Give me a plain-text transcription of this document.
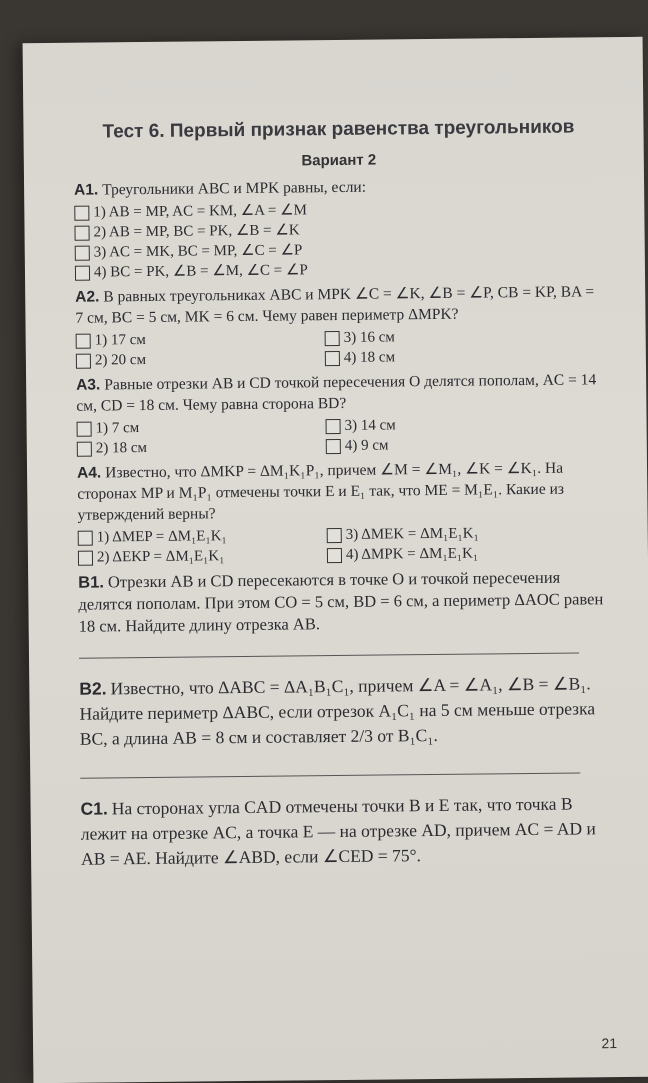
Тест 6. Первый признак равенства треугольников
Вариант 2
А1. Треугольники ABC и MPK равны, если:
1) AB = MP, AC = KM, ∠A = ∠M
2) AB = MP, BC = PK, ∠B = ∠K
3) AC = MK, BC = MP, ∠C = ∠P
4) BC = PK, ∠B = ∠M, ∠C = ∠P
А2. В равных треугольниках ABC и MPK ∠C = ∠K, ∠B = ∠P, CB = KP, BA = 7 см, BC = 5 см, MK = 6 см. Чему равен периметр ΔMPK?
1) 17 см	3) 16 см
2) 20 см	4) 18 см
А3. Равные отрезки AB и CD точкой пересечения O делятся пополам, AC = 14 см, CD = 18 см. Чему равна сторона BD?
1) 7 см	3) 14 см
2) 18 см	4) 9 см
А4. Известно, что ΔMKP = ΔM₁K₁P₁, причем ∠M = ∠M₁, ∠K = ∠K₁. На сторонах MP и M₁P₁ отмечены точки E и E₁ так, что ME = M₁E₁. Какие из утверждений верны?
1) ΔMEP = ΔM₁E₁K₁	3) ΔMEK = ΔM₁E₁K₁
2) ΔEKP = ΔM₁E₁K₁	4) ΔMPK = ΔM₁E₁K₁
В1. Отрезки AB и CD пересекаются в точке O и точкой пересечения делятся пополам. При этом CO = 5 см, BD = 6 см, а периметр ΔAOC равен 18 см. Найдите длину отрезка AB.
В2. Известно, что ΔABC = ΔA₁B₁C₁, причем ∠A = ∠A₁, ∠B = ∠B₁. Найдите периметр ΔABC, если отрезок A₁C₁ на 5 см меньше отрезка BC, а длина AB = 8 см и составляет 2/3 от B₁C₁.
С1. На сторонах угла CAD отмечены точки B и E так, что точка B лежит на отрезке AC, а точка E — на отрезке AD, причем AC = AD и AB = AE. Найдите ∠ABD, если ∠CED = 75°.
21
